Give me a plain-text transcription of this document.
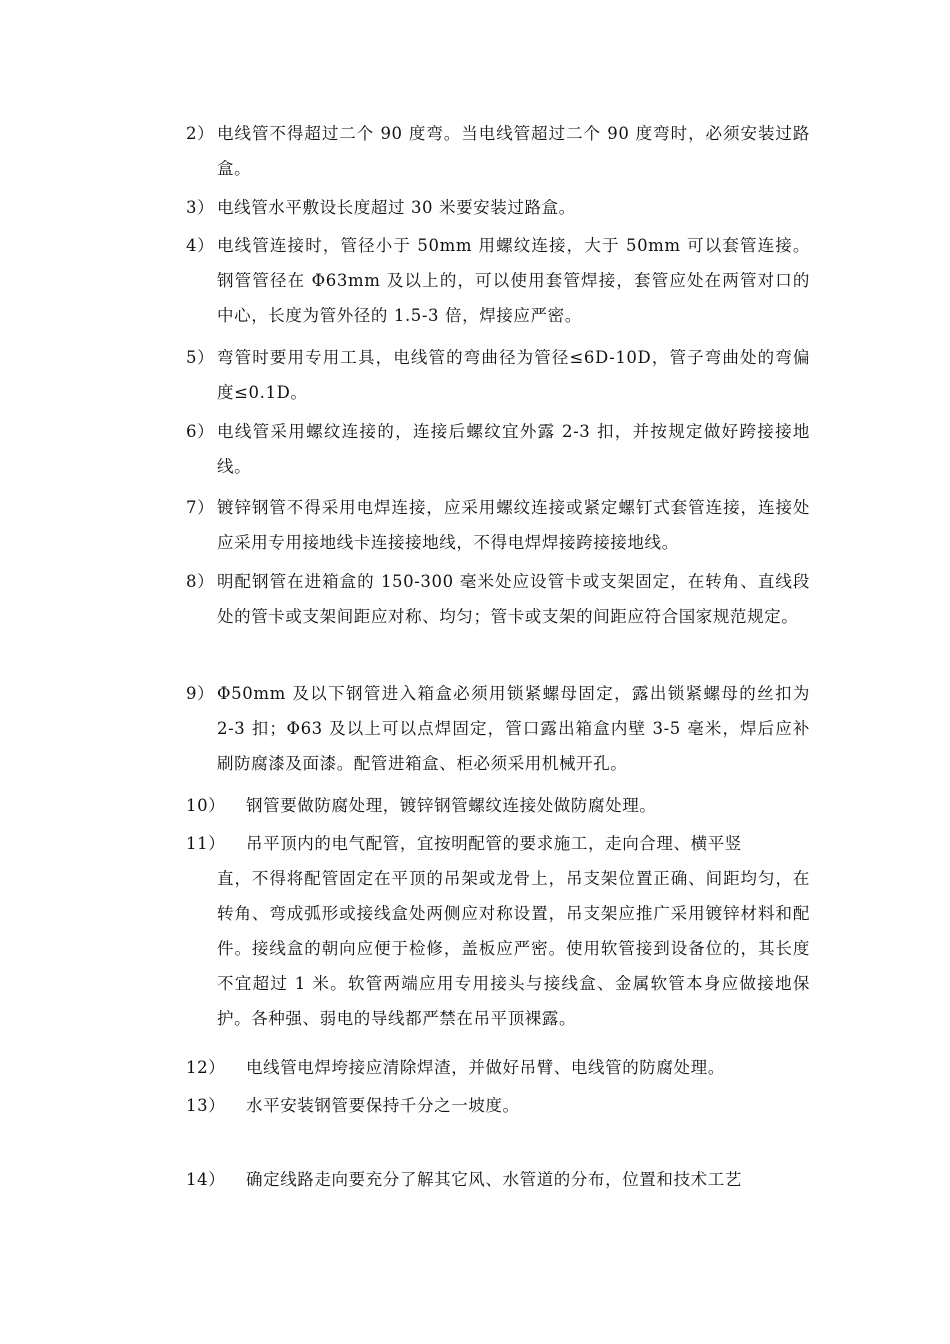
2） 电线管不得超过二个 90 度弯。当电线管超过二个 90 度弯时，必须安装过路盒。
3） 电线管水平敷设长度超过 30 米要安装过路盒。
4） 电线管连接时，管径小于 50mm 用螺纹连接，大于 50mm 可以套管连接。钢管管径在 Φ63mm 及以上的，可以使用套管焊接，套管应处在两管对口的中心，长度为管外径的 1.5-3 倍，焊接应严密。
5） 弯管时要用专用工具，电线管的弯曲径为管径≤6D-10D，管子弯曲处的弯偏度≤0.1D。
6） 电线管采用螺纹连接的，连接后螺纹宜外露 2-3 扣，并按规定做好跨接接地线。
7） 镀锌钢管不得采用电焊连接，应采用螺纹连接或紧定螺钉式套管连接，连接处应采用专用接地线卡连接接地线，不得电焊焊接跨接接地线。
8） 明配钢管在进箱盒的 150-300 毫米处应设管卡或支架固定，在转角、直线段处的管卡或支架间距应对称、均匀；管卡或支架的间距应符合国家规范规定。
9） Φ50mm 及以下钢管进入箱盒必须用锁紧螺母固定，露出锁紧螺母的丝扣为 2-3 扣；Φ63 及以上可以点焊固定，管口露出箱盒内壁 3-5 毫米，焊后应补刷防腐漆及面漆。配管进箱盒、柜必须采用机械开孔。
10） 钢管要做防腐处理，镀锌钢管螺纹连接处做防腐处理。
11） 吊平顶内的电气配管，宜按明配管的要求施工，走向合理、横平竖
直，不得将配管固定在平顶的吊架或龙骨上，吊支架位置正确、间距均匀，在转角、弯成弧形或接线盒处两侧应对称设置，吊支架应推广采用镀锌材料和配件。接线盒的朝向应便于检修，盖板应严密。使用软管接到设备位的，其长度不宜超过 1 米。软管两端应用专用接头与接线盒、金属软管本身应做接地保护。各种强、弱电的导线都严禁在吊平顶裸露。
12） 电线管电焊垮接应清除焊渣，并做好吊臂、电线管的防腐处理。
13） 水平安装钢管要保持千分之一坡度。
14） 确定线路走向要充分了解其它风、水管道的分布，位置和技术工艺
